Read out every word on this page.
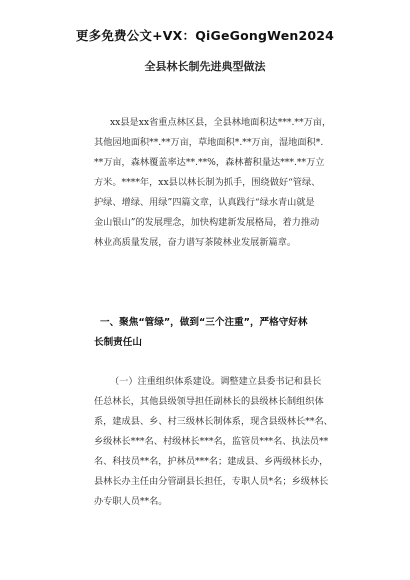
更多免费公文+VX：QiGeGongWen2024
全县林长制先进典型做法
xx县是xx省重点林区县，全县林地面积达***.**万亩，
其他园地面积**.**万亩，草地面积*.**万亩，湿地面积*.
**万亩，森林覆盖率达**.**%，森林蓄积量达***.**万立
方米。****年，xx县以林长制为抓手，围绕做好“管绿、
护绿、增绿、用绿”四篇文章，认真践行“绿水青山就是
金山银山”的发展理念，加快构建新发展格局，着力推动
林业高质量发展，奋力谱写茶陵林业发展新篇章。
一、聚焦“管绿”，做到“三个注重”，严格守好林
长制责任山
（一）注重组织体系建设。调整建立县委书记和县长
任总林长，其他县级领导担任副林长的县级林长制组织体
系，建成县、乡、村三级林长制体系，现含县级林长**名、
乡级林长***名、村级林长***名，监管员***名、执法员**
名、科技员**名，护林员***名；建成县、乡两级林长办，
县林长办主任由分管副县长担任，专职人员*名；乡级林长
办专职人员**名。
